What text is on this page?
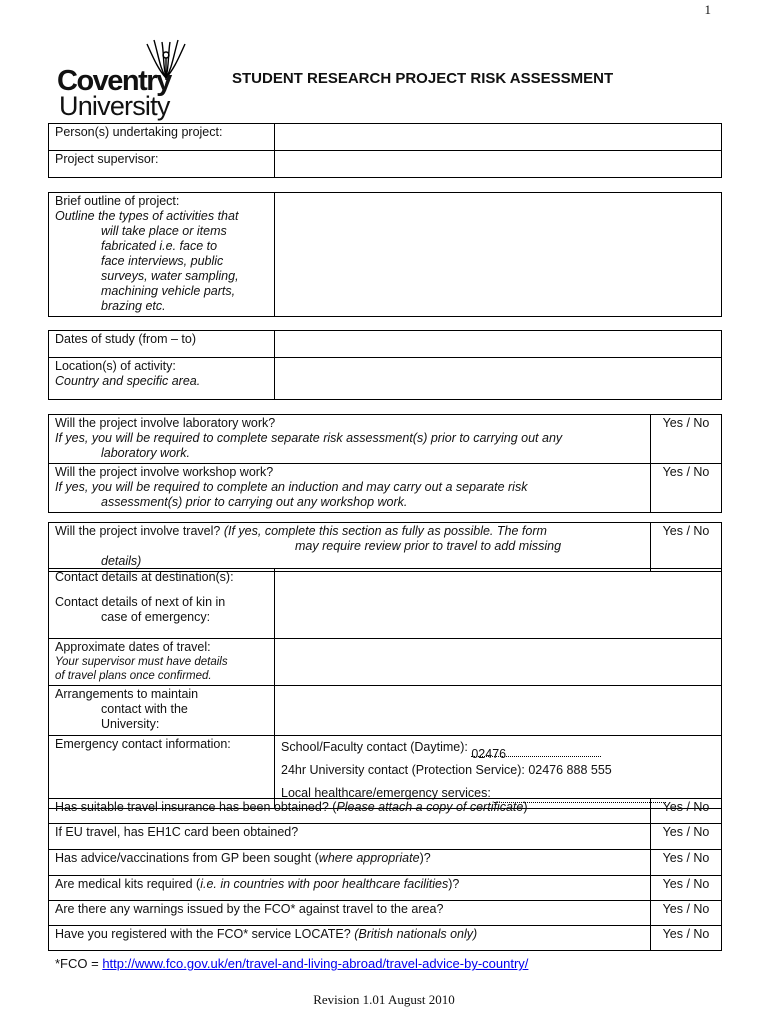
1
Coventry
University
STUDENT RESEARCH PROJECT RISK ASSESSMENT
Person(s) undertaking project:	
Project supervisor:	
Brief outline of project:
Outline the types of activities that
will take place or items
fabricated i.e. face to
face interviews, public
surveys, water sampling,
machining vehicle parts,
brazing etc.

Dates of study (from – to)	

Location(s) of activity:
Country and specific area.	

Will the project involve laboratory work?
If yes, you will be required to complete separate risk assessment(s) prior to carrying out any
laboratory work.	Yes / No

Will the project involve workshop work?
If yes, you will be required to complete an induction and may carry out a separate risk
assessment(s) prior to carrying out any workshop work.	Yes / No
Will the project involve travel? (If yes, complete this section as fully as possible. The form
may require review prior to travel to add missing
details)
	Yes / No
Contact details at destination(s):
Contact details of next of kin in
case of emergency:	

Approximate dates of travel:
Your supervisor must have details
of travel plans once confirmed.	

Arrangements to maintain
contact with the
University:	

Emergency contact information:	School/Faculty contact (Daytime): 02476
24hr University contact (Protection Service): 02476 888 555
Local healthcare/emergency services:
Has suitable travel insurance has been obtained? (Please attach a copy of certificate)	Yes / No
If EU travel, has EH1C card been obtained?	Yes / No
Has advice/vaccinations from GP been sought (where appropriate)?	Yes / No
Are medical kits required (i.e. in countries with poor healthcare facilities)?	Yes / No
Are there any warnings issued by the FCO* against travel to the area?	Yes / No
Have you registered with the FCO* service LOCATE? (British nationals only)	Yes / No
*FCO = http://www.fco.gov.uk/en/travel-and-living-abroad/travel-advice-by-country/
Revision 1.01 August 2010
